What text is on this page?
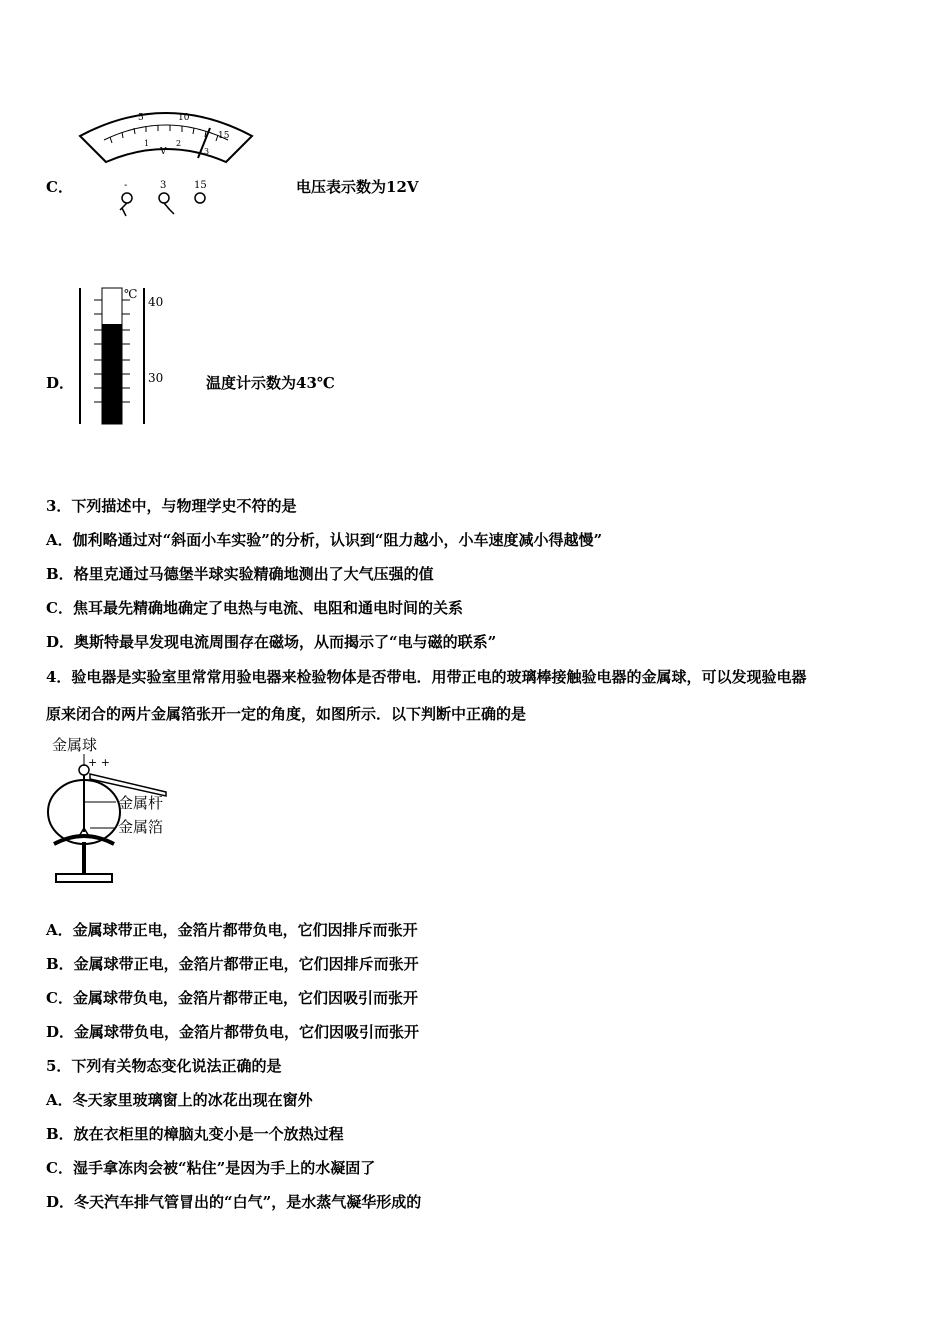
C．
5	10
15
1	2
3
V
-	3	15	电压表示数为12V
D．
℃
40
30	温度计示数为43℃
3．下列描述中，与物理学史不符的是
A．伽利略通过对“斜面小车实验”的分析，认识到“阻力越小，小车速度减小得越慢”
B．格里克通过马德堡半球实验精确地测出了大气压强的值
C．焦耳最先精确地确定了电热与电流、电阻和通电时间的关系
D．奥斯特最早发现电流周围存在磁场，从而揭示了“电与磁的联系”
4．验电器是实验室里常常用验电器来检验物体是否带电．用带正电的玻璃棒接触验电器的金属球，可以发现验电器
原来闭合的两片金属箔张开一定的角度，如图所示．以下判断中正确的是
金属球
+ +
金属杆
金属箔
A．金属球带正电，金箔片都带负电，它们因排斥而张开
B．金属球带正电，金箔片都带正电，它们因排斥而张开
C．金属球带负电，金箔片都带正电，它们因吸引而张开
D．金属球带负电，金箔片都带负电，它们因吸引而张开
5．下列有关物态变化说法正确的是
A．冬天家里玻璃窗上的冰花出现在窗外
B．放在衣柜里的樟脑丸变小是一个放热过程
C．湿手拿冻肉会被“粘住”是因为手上的水凝固了
D．冬天汽车排气管冒出的“白气”，是水蒸气凝华形成的
